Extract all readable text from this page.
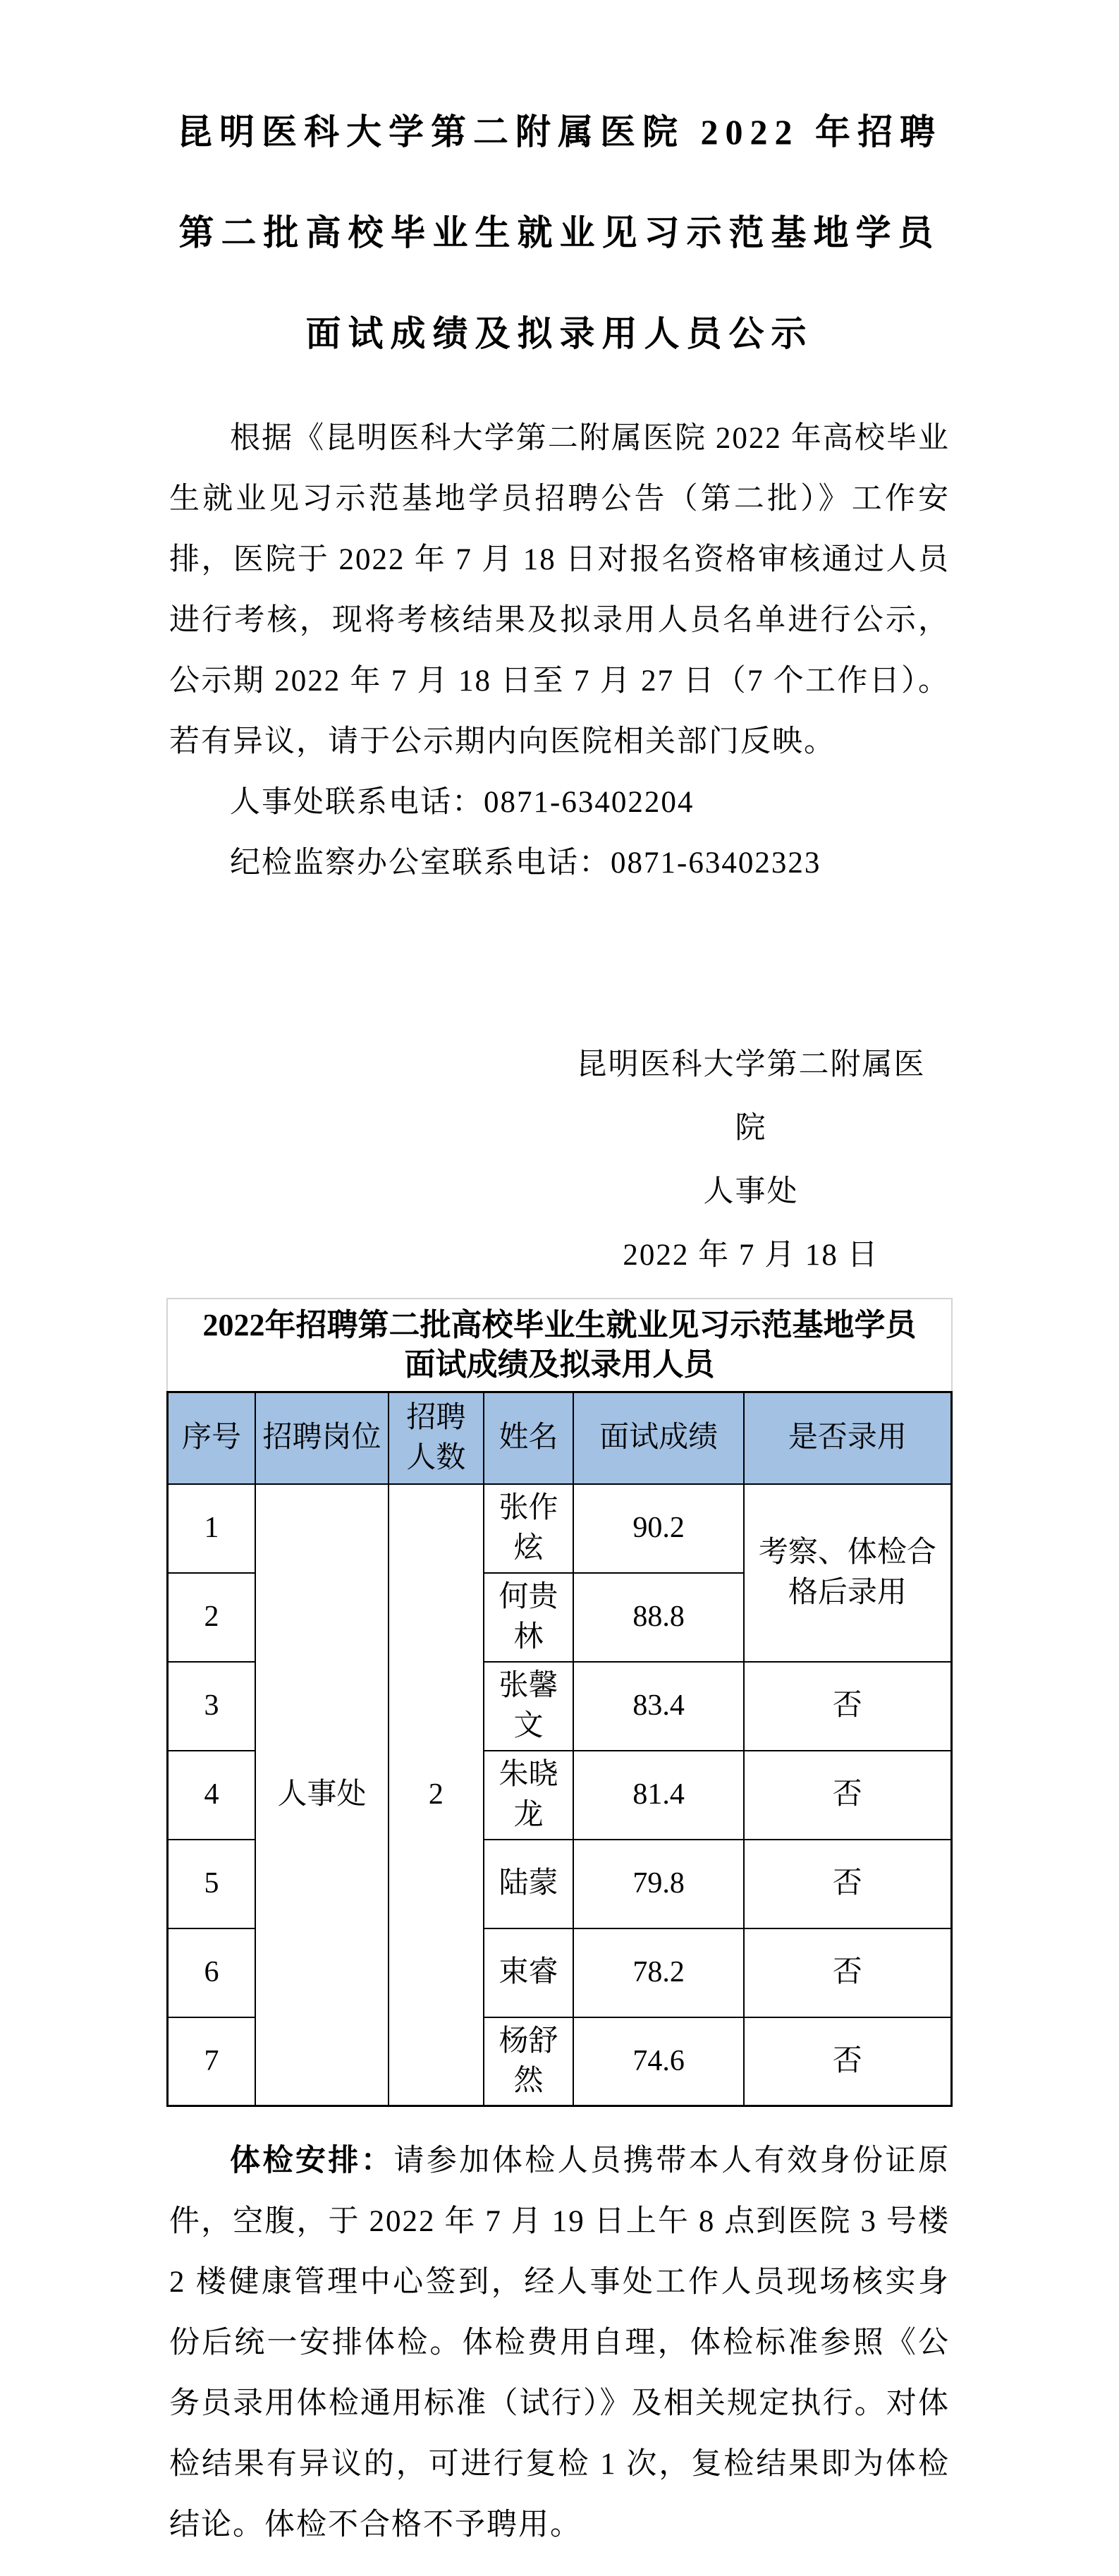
昆明医科大学第二附属医院 2022 年招聘
第二批高校毕业生就业见习示范基地学员
面试成绩及拟录用人员公示

根据《昆明医科大学第二附属医院 2022 年高校毕业生就业见习示范基地学员招聘公告（第二批）》工作安排，医院于 2022 年 7 月 18 日对报名资格审核通过人员进行考核，现将考核结果及拟录用人员名单进行公示，公示期 2022 年 7 月 18 日至 7 月 27 日（7 个工作日）。若有异议，请于公示期内向医院相关部门反映。

人事处联系电话：0871-63402204
纪检监察办公室联系电话：0871-63402323
昆明医科大学第二附属医院
人事处
2022 年 7 月 18 日
2022年招聘第二批高校毕业生就业见习示范基地学员
面试成绩及拟录用人员
序号	招聘岗位	招聘人数	姓名	面试成绩	是否录用
1	人事处	2	张作炫	90.2	考察、体检合格后录用
2			何贵林	88.8	
3			张馨文	83.4	否
4			朱晓龙	81.4	否
5			陆蒙	79.8	否
6			束睿	78.2	否
7			杨舒然	74.6	否

体检安排：请参加体检人员携带本人有效身份证原件，空腹，于 2022 年 7 月 19 日上午 8 点到医院 3 号楼 2 楼健康管理中心签到，经人事处工作人员现场核实身份后统一安排体检。体检费用自理，体检标准参照《公务员录用体检通用标准（试行）》及相关规定执行。对体检结果有异议的，可进行复检 1 次，复检结果即为体检结论。体检不合格不予聘用。
